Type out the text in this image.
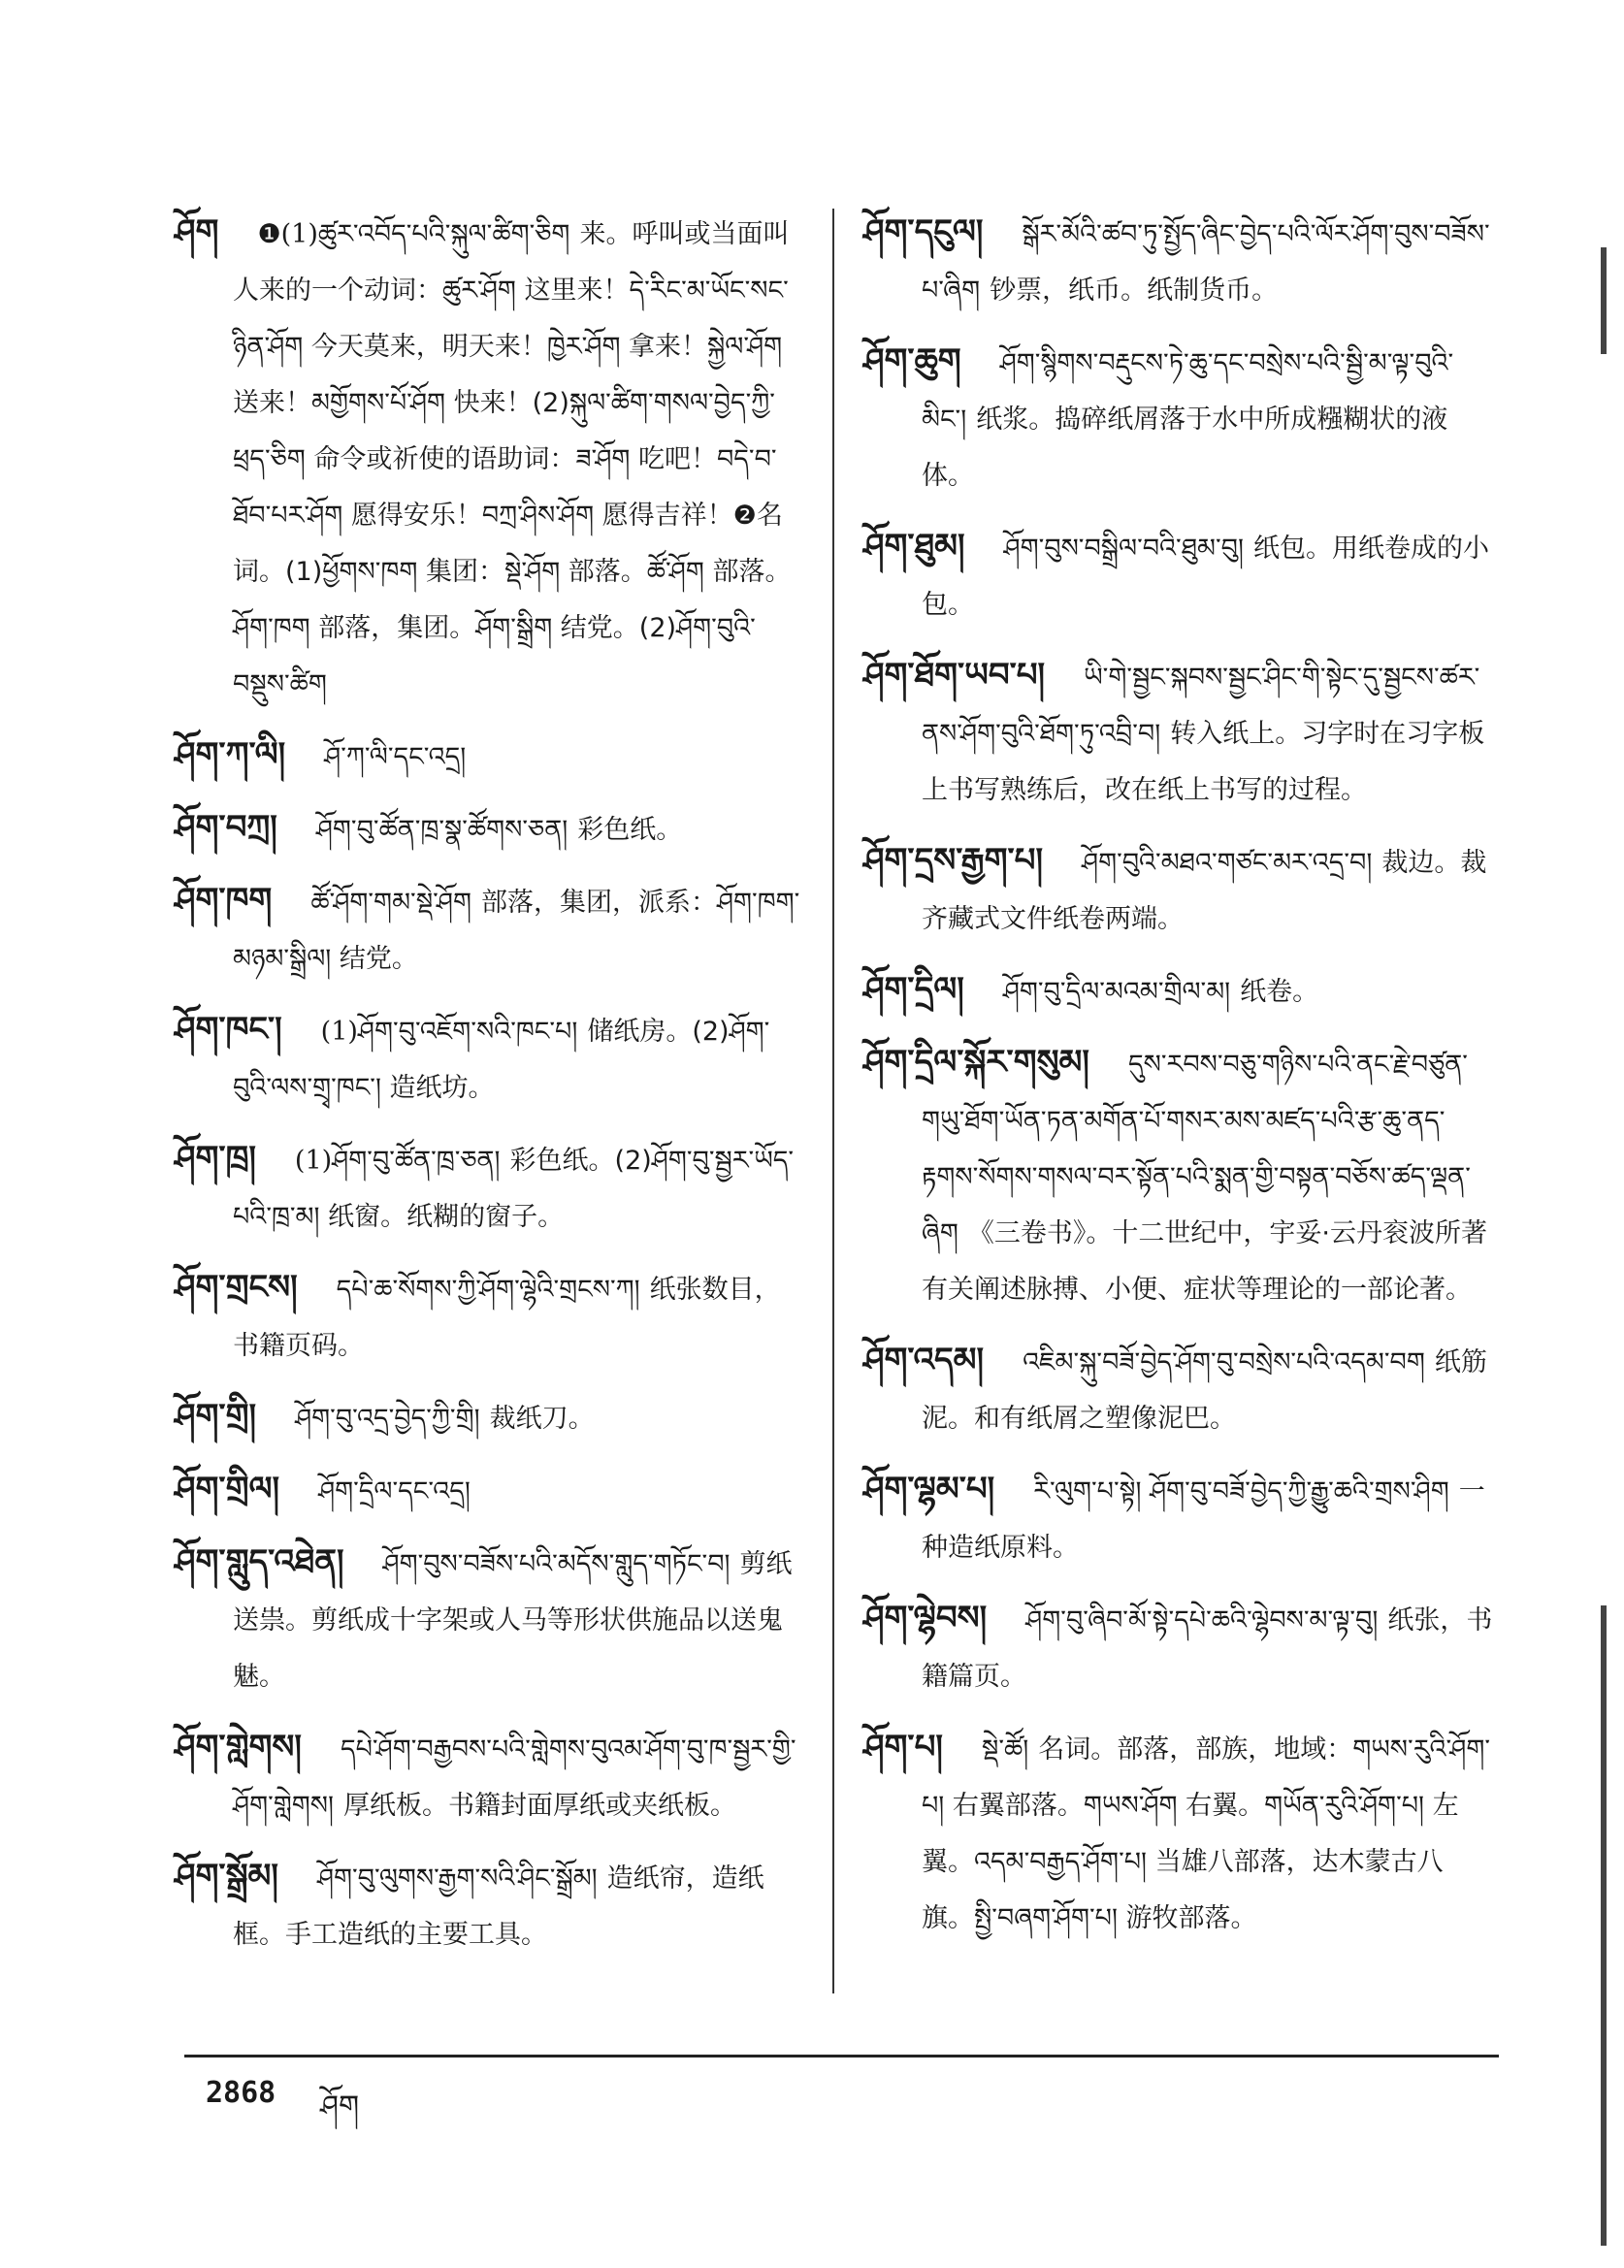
ཤོག ❶(1)ཚུར་འབོད་པའི་སྐུལ་ཚིག་ཅིག 来。呼叫或当面叫人来的一个动词：ཚུར་ཤོག 这里来！དེ་རིང་མ་ཡོང་སང་ཉིན་ཤོག 今天莫来，明天来！ཁྱེར་ཤོག 拿来！སྐྱེལ་ཤོག 送来！མགྱོགས་པོ་ཤོག 快来！(2)སྐུལ་ཚིག་གསལ་བྱེད་ཀྱི་ཕྲད་ཅིག 命令或祈使的语助词：ཟ་ཤོག 吃吧！བདེ་བ་ཐོབ་པར་ཤོག 愿得安乐！བཀྲ་ཤིས་ཤོག 愿得吉祥！❷名词。(1)ཕྱོགས་ཁག 集团：སྡེ་ཤོག 部落。ཚོ་ཤོག 部落。ཤོག་ཁག 部落，集团。ཤོག་སྒྲིག 结党。(2)ཤོག་བུའི་བསྡུས་ཚིག
ཤོག་ཀ་ལི། ཤོ་ཀ་ལི་དང་འདྲ།
ཤོག་བཀྲ། ཤོག་བུ་ཚོན་ཁྲ་སྣ་ཚོགས་ཅན། 彩色纸。
ཤོག་ཁག ཚོ་ཤོག་གམ་སྡེ་ཤོག 部落，集团，派系：ཤོག་ཁག་མཉམ་སྒྲིལ། 结党。
ཤོག་ཁང་། (1)ཤོག་བུ་འཇོག་སའི་ཁང་པ། 储纸房。(2)ཤོག་བུའི་ལས་གྲྭ་ཁང་། 造纸坊。
ཤོག་ཁྲ། (1)ཤོག་བུ་ཚོན་ཁྲ་ཅན། 彩色纸。(2)ཤོག་བུ་སྦྱར་ཡོད་པའི་ཁྲ་མ། 纸窗。纸糊的窗子。
ཤོག་གྲངས། དཔེ་ཆ་སོགས་ཀྱི་ཤོག་ལྷེའི་གྲངས་ཀ། 纸张数目，书籍页码。
ཤོག་གྲི། ཤོག་བུ་འདྲ་བྱེད་ཀྱི་གྲི། 裁纸刀。
ཤོག་གྲིལ། ཤོག་དྲིལ་དང་འདྲ།
ཤོག་གླུད་འཐེན། ཤོག་བུས་བཟོས་པའི་མདོས་གླུད་གཏོང་བ། 剪纸送祟。剪纸成十字架或人马等形状供施品以送鬼魅。
ཤོག་གླེགས། དཔེ་ཤོག་བརྒྱབས་པའི་གླེགས་བུའམ་ཤོག་བུ་ཁ་སྦྱར་གྱི་ཤོག་གླེགས། 厚纸板。书籍封面厚纸或夹纸板。
ཤོག་སྒྲོམ། ཤོག་བུ་ལུགས་རྒྱག་སའི་ཤིང་སྒྲོམ། 造纸帘，造纸框。手工造纸的主要工具。
ཤོག་དངུལ། སྒོར་མོའི་ཚབ་ཏུ་སྤྱོད་ཞིང་བྱེད་པའི་ལོར་ཤོག་བུས་བཟོས་པ་ཞིག 钞票，纸币。纸制货币。
ཤོག་ཆུག ཤོག་སྙིགས་བརྡུངས་ཏེ་ཆུ་དང་བསྲེས་པའི་སྦྱི་མ་ལྟ་བུའི་མིང་། 纸浆。捣碎纸屑落于水中所成糨糊状的液体。
ཤོག་ཐུམ། ཤོག་བུས་བསྒྲིལ་བའི་ཐུམ་བུ། 纸包。用纸卷成的小包。
ཤོག་ཐོག་ཡབ་པ། ཡི་གེ་སྦྱང་སྐབས་སྦྱང་ཤིང་གི་སྟེང་དུ་སྦྱངས་ཚར་ནས་ཤོག་བུའི་ཐོག་ཏུ་འབྲི་བ། 转入纸上。习字时在习字板上书写熟练后，改在纸上书写的过程。
ཤོག་དྲས་རྒྱག་པ། ཤོག་བུའི་མཐའ་གཙང་མར་འདྲ་བ། 裁边。裁齐藏式文件纸卷两端。
ཤོག་དྲིལ། ཤོག་བུ་དྲིལ་མའམ་གྲིལ་མ། 纸卷。
ཤོག་དྲིལ་སྐོར་གསུམ། དུས་རབས་བཅུ་གཉིས་པའི་ནང་རྗེ་བཙུན་གཡུ་ཐོག་ཡོན་ཏན་མགོན་པོ་གསར་མས་མཛད་པའི་རྩ་ཆུ་ནད་རྟགས་སོགས་གསལ་བར་སྟོན་པའི་སྨན་གྱི་བསྟན་བཅོས་ཚད་ལྡན་ཞིག 《三卷书》。十二世纪中，宇妥·云丹衮波所著有关阐述脉搏、小便、症状等理论的一部论著。
ཤོག་འདམ། འཇིམ་སྐུ་བཟོ་བྱེད་ཤོག་བུ་བསྲེས་པའི་འདམ་བག 纸筋泥。和有纸屑之塑像泥巴。
ཤོག་ལྷམ་པ། རི་ལུག་པ་སྟེ། ཤོག་བུ་བཟོ་བྱེད་ཀྱི་རྒྱུ་ཆའི་གྲས་ཤིག 一种造纸原料。
ཤོག་ལྷེབས། ཤོག་བུ་ཞིབ་མོ་སྟེ་དཔེ་ཆའི་ལྷེབས་མ་ལྟ་བུ། 纸张，书籍篇页。
ཤོག་པ། སྡེ་ཚོ། 名词。部落，部族，地域：གཡས་རུའི་ཤོག་པ། 右翼部落。གཡས་ཤོག 右翼。གཡོན་རུའི་ཤོག་པ། 左翼。འདམ་བརྒྱད་ཤོག་པ། 当雄八部落，达木蒙古八旗。སྤྱི་བཞག་ཤོག་པ། 游牧部落。
2868 ཤོག
